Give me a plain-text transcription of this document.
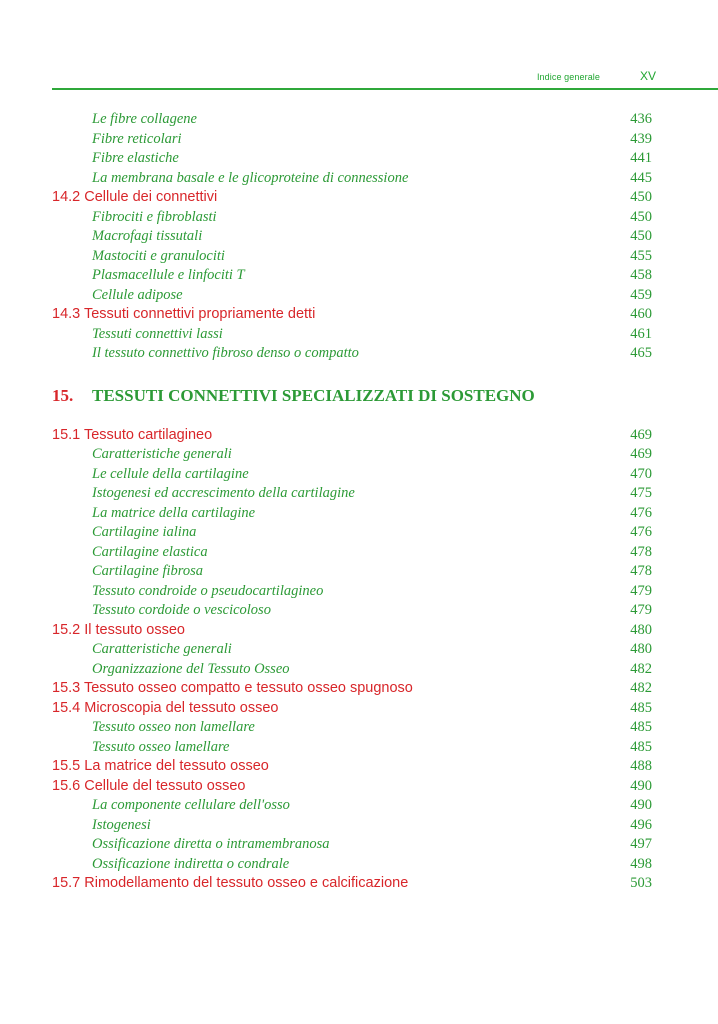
Indice generale	XV
Le fibre collagene	436
Fibre reticolari	439
Fibre elastiche	441
La membrana basale e le glicoproteine di connessione	445
14.2 Cellule dei connettivi	450
Fibrociti e fibroblasti	450
Macrofagi tissutali	450
Mastociti e granulociti	455
Plasmacellule e linfociti T	458
Cellule adipose	459
14.3 Tessuti connettivi propriamente detti	460
Tessuti connettivi lassi	461
Il tessuto connettivo fibroso denso o compatto	465
15. TESSUTI CONNETTIVI SPECIALIZZATI DI SOSTEGNO
15.1 Tessuto cartilagineo	469
Caratteristiche generali	469
Le cellule della cartilagine	470
Istogenesi ed accrescimento della cartilagine	475
La matrice della cartilagine	476
Cartilagine ialina	476
Cartilagine elastica	478
Cartilagine fibrosa	478
Tessuto condroide o pseudocartilagineo	479
Tessuto cordoide o vescicoloso	479
15.2 Il tessuto osseo	480
Caratteristiche generali	480
Organizzazione del Tessuto Osseo	482
15.3 Tessuto osseo compatto e tessuto osseo spugnoso	482
15.4 Microscopia del tessuto osseo	485
Tessuto osseo non lamellare	485
Tessuto osseo lamellare	485
15.5 La matrice del tessuto osseo	488
15.6 Cellule del tessuto osseo	490
La componente cellulare dell'osso	490
Istogenesi	496
Ossificazione diretta o intramembranosa	497
Ossificazione indiretta o condrale	498
15.7 Rimodellamento del tessuto osseo e calcificazione	503
